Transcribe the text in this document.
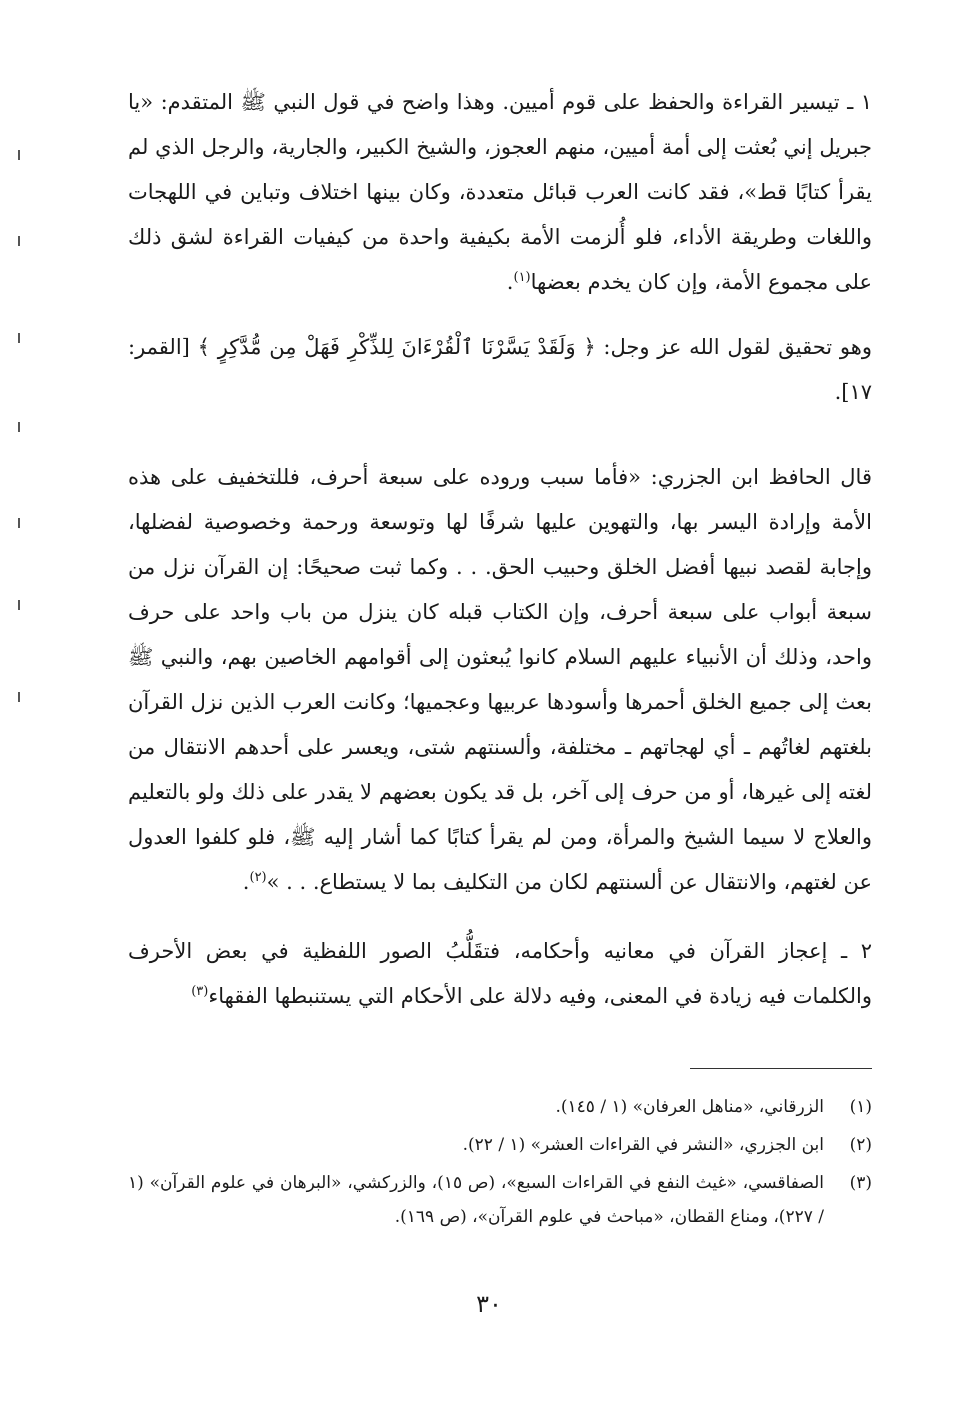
١ ـ تيسير القراءة والحفظ على قوم أميين. وهذا واضح في قول النبي ﷺ المتقدم: «يا جبريل إني بُعثت إلى أمة أميين، منهم العجوز، والشيخ الكبير، والجارية، والرجل الذي لم يقرأ كتابًا قط»، فقد كانت العرب قبائل متعددة، وكان بينها اختلاف وتباين في اللهجات واللغات وطريقة الأداء، فلو أُلزمت الأمة بكيفية واحدة من كيفيات القراءة لشق ذلك على مجموع الأمة، وإن كان يخدم بعضها$^{(١)}$.

وهو تحقيق لقول الله عز وجل: ﴿ وَلَقَدْ يَسَّرْنَا ٱلْقُرْءَانَ لِلذِّكْرِ فَهَلْ مِن مُّدَّكِرٍ ﴾ [القمر: ١٧].

قال الحافظ ابن الجزري: «فأما سبب وروده على سبعة أحرف، فللتخفيف على هذه الأمة وإرادة اليسر بها، والتهوين عليها شرفًا لها وتوسعة ورحمة وخصوصية لفضلها، وإجابة لقصد نبيها أفضل الخلق وحبيب الحق. . . وكما ثبت صحيحًا: إن القرآن نزل من سبعة أبواب على سبعة أحرف، وإن الكتاب قبله كان ينزل من باب واحد على حرف واحد، وذلك أن الأنبياء عليهم السلام كانوا يُبعثون إلى أقوامهم الخاصين بهم، والنبي ﷺ بعث إلى جميع الخلق أحمرها وأسودها عربيها وعجميها؛ وكانت العرب الذين نزل القرآن بلغتهم لغاتُهم ـ أي لهجاتهم ـ مختلفة، وألسنتهم شتى، ويعسر على أحدهم الانتقال من لغته إلى غيرها، أو من حرف إلى آخر، بل قد يكون بعضهم لا يقدر على ذلك ولو بالتعليم والعلاج لا سيما الشيخ والمرأة، ومن لم يقرأ كتابًا كما أشار إليه ﷺ، فلو كلفوا العدول عن لغتهم، والانتقال عن ألسنتهم لكان من التكليف بما لا يستطاع. . . »$^{(٢)}$.

٢ ـ إعجاز القرآن في معانيه وأحكامه، فتقَلُّبُ الصور اللفظية في بعض الأحرف والكلمات فيه زيادة في المعنى، وفيه دلالة على الأحكام التي يستنبطها الفقهاء$^{(٣)}$

(١)
الزرقاني، «مناهل العرفان» (١ / ١٤٥).
(٢)
ابن الجزري، «النشر في القراءات العشر» (١ / ٢٢).
(٣)
الصفاقسي، «غيث النفع في القراءات السبع»، (ص ١٥)، والزركشي، «البرهان في علوم القرآن» (١ / ٢٢٧)، ومناع القطان، «مباحث في علوم القرآن»، (ص ١٦٩).
٣٠
